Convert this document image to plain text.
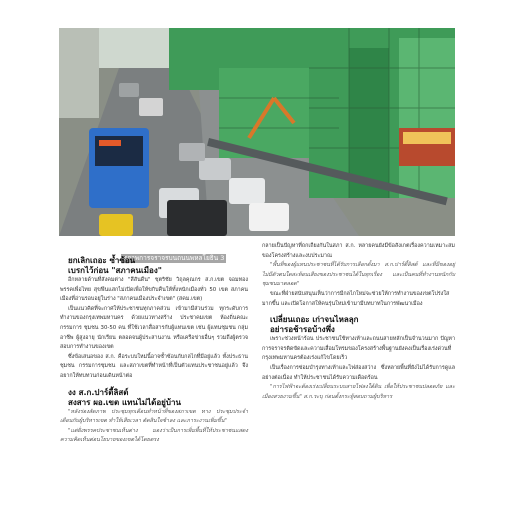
สภาพการจราจรบนถนนพหลโยธิน 3

ยกเลิกเถอะ ซ้ำซ้อน

เบรกไว้ก่อน "สภาคนเมือง"

อีกหลายด้านที่สังคมต่าง "สีสันดีน" ชุตริชัย วิถุลคุณกร ส.ก.เขต จอมทอง พรรคเพื่อไทย สุขฟีนแสกไม่เปิดเพื่อให้ขกิบคืนให้ทั้งหนักเมืองทั่ว 50 เขต สภาคนเมืองที่อ่านรอบอยู่ในร่าง "สภาคนเมืองประจำเขต" (สคม.เขต)

เป็นแนวคิดที่จะกาศให้ประชาชนทุกภาคส่วน เข้ามามีส่วนร่วม ทุกระดับการทำงานของกรุงเทพมหานคร ด้วยแนวทางสร้าง ประชาคมเขต ห้องถิ่นคณะกรรมการ ชุมชน 30-50 คน ที่ใช้เวลาสื่อสารกับผู้แทนเขต เช่น ผู้แทนชุมชน กลุ่มอาชีพ ผู้สูงอายุ นักเรียน ตลอดจนผู้ประสานงาน หรือเครือข่ายอื่นๆ รวมถึงผู้ตรวจสอบการทำงานของเขต

ซึ่งข้อเสนอของ ส.ก. คือระบบใหม่นี้อาจซ้ำซ้อนกับกลไกที่มีอยู่แล้ว ทั้งประธานชุมชน กรรมการชุมชน และสภาเขตที่ทำหน้าที่เป็นตัวแทนประชาชนอยู่แล้ว จึงอยากให้ทบทวนก่อนเดินหน้าต่อ

งง ส.ก.ปาร์ตี้ลิสต์

สงสาร ผอ.เขต แทนไม่ได้อยู่บ้าน

"หลังร่องสัดภาพ ประชุมทุกเดือนทำหน้าที่ของสภาเขต ทาง ประชุมประจำเดือนกับผู้บริหารเขต ทำให้เสียเวลา ตัดสินใจช้าลง และภาระงานเพิ่มขึ้น"

"แต่ฝั่งพรรคประชาชนเห็นต่าง มองว่าเป็นการเพิ่มพื้นที่ให้ประชาชนแสดงความคิดเห็นต่อนโยบายของเขตได้โดยตรง

กลายเป็นปัญหาที่ถกเถียงกันในสภา ส.ก. หลายคนยังมีข้อสังเกตเรื่องความเหมาะสมของโครงสร้างและงบประมาณ

"พื้นที่ของผู้แทนประชาชนที่ได้รับการเลือกตั้งมา ส.ก.ปาร์ตี้ลิสต์ และที่มีของอยู่ไม่มีตัวตนใดสะท้อนเสียงของประชาชนได้ในทุกเรื่อง และเป็นคนที่ทำงานหนักกับชุมชนมาตลอด"

ขณะที่ฝ่ายสนับสนุนเห็นว่าการมีกลไกใหม่จะช่วยให้การทำงานของเขตโปร่งใสมากขึ้น และเปิดโอกาสให้คนรุ่นใหม่เข้ามามีบทบาทในการพัฒนาเมือง

เปลี่ยนเถอะ เก่าจนไหลลุก

อย่ารอช้ารอบ้างพึ่ง

เพราะช่วงหน้าร้อน ประชาชนใช้ทางเท้าและถนนสายหลักเป็นจำนวนมาก ปัญหาการจราจรติดขัดและความเสื่อมโทรมของโครงสร้างพื้นฐานยังคงเป็นเรื่องเร่งด่วนที่กรุงเทพมหานครต้องเร่งแก้ไขโดยเร็ว

เป็นเรื่องการซ่อมบำรุงทางเท้าและไฟส่องสว่าง ซึ่งหลายพื้นที่ยังไม่ได้รับการดูแลอย่างต่อเนื่อง ทำให้ประชาชนได้รับความเดือดร้อน

"การไฟฟ้าจะต้องเร่งเปลี่ยนระบบสายไฟลงใต้ดิน เพื่อให้ประชาชนปลอดภัย และเมืองสวยงามขึ้น" ส.ก.ระบุ ก่อนตั้งกระทู้สอบถามผู้บริหาร
